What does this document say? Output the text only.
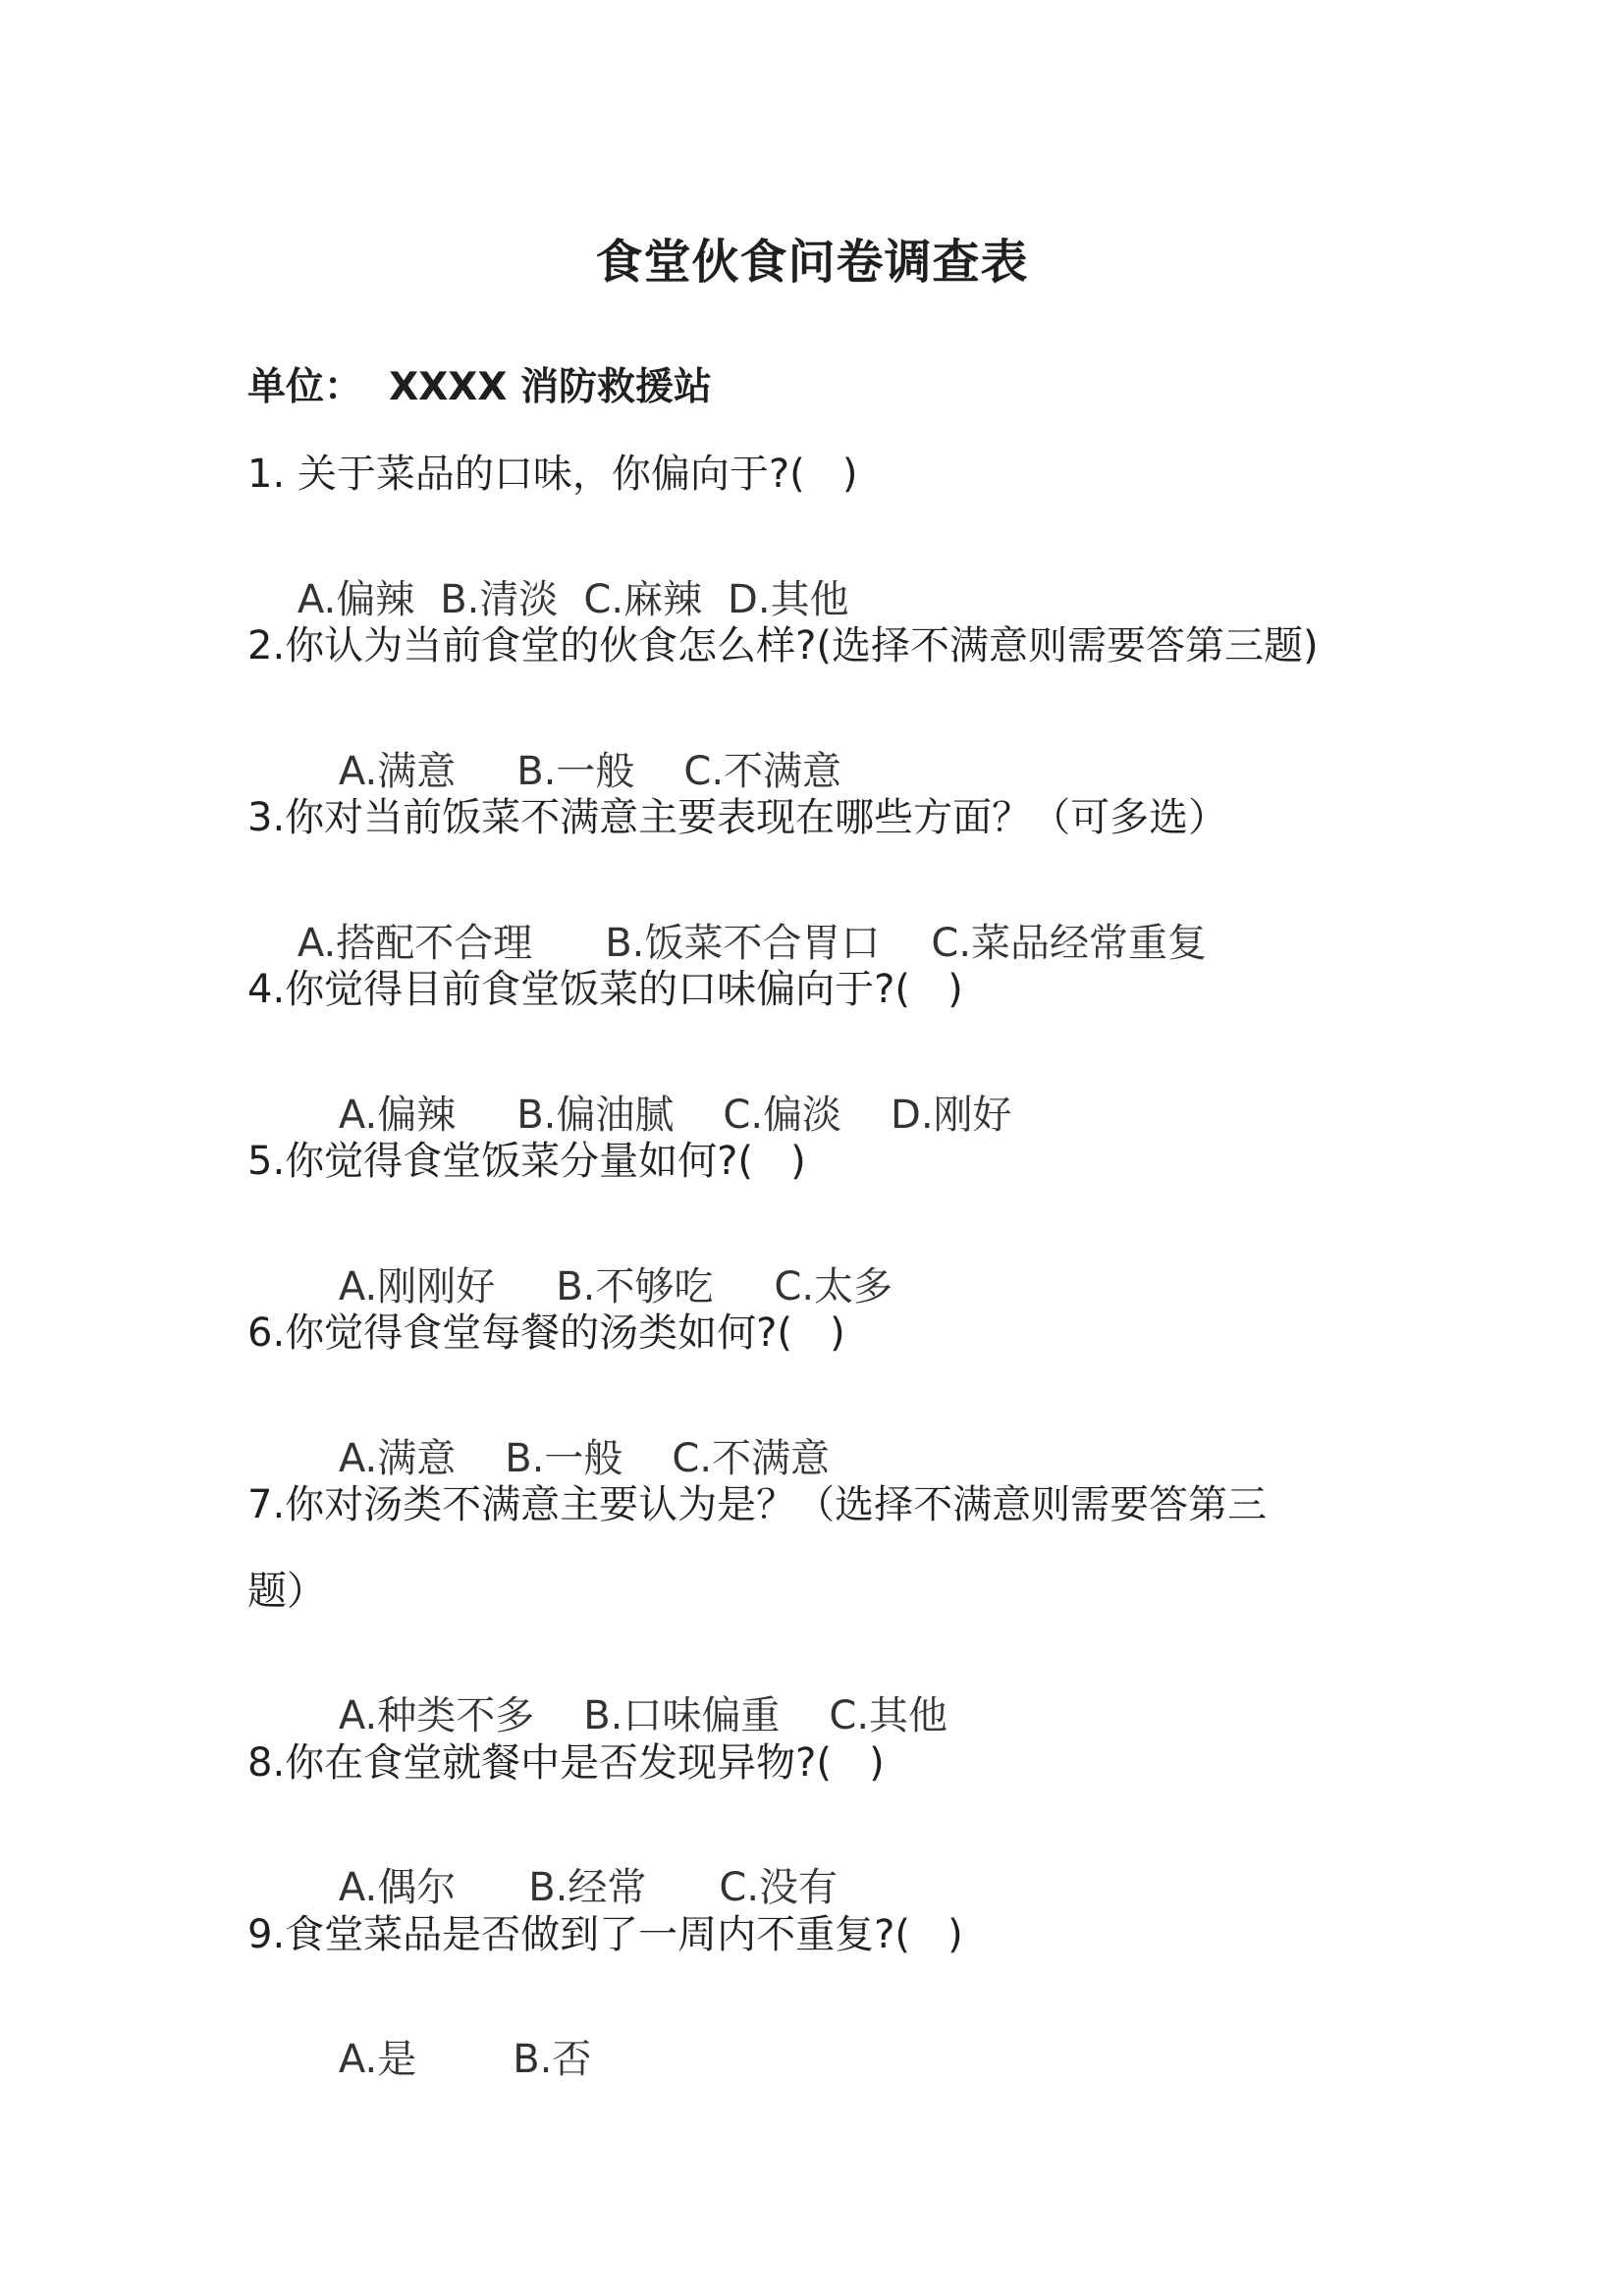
食堂伙食问卷调查表
单位：  XXXX 消防救援站
1. 关于菜品的口味，你偏向于?(   )

A.偏辣 B.清淡 C.麻辣 D.其他

2.你认为当前食堂的伙食怎么样?(选择不满意则需要答第三题)

A.满意 B.一般 C.不满意

3.你对当前饭菜不满意主要表现在哪些方面？（可多选）

A.搭配不合理 B.饭菜不合胃口 C.菜品经常重复

4.你觉得目前食堂饭菜的口味偏向于?(   )

A.偏辣 B.偏油腻 C.偏淡 D.刚好

5.你觉得食堂饭菜分量如何?(   )

A.刚刚好 B.不够吃 C.太多

6.你觉得食堂每餐的汤类如何?(   )

A.满意 B.一般 C.不满意

7.你对汤类不满意主要认为是？（选择不满意则需要答第三
题）

A.种类不多 B.口味偏重 C.其他

8.你在食堂就餐中是否发现异物?(   )

A.偶尔 B.经常 C.没有

9.食堂菜品是否做到了一周内不重复?(   )

A.是 B.否
